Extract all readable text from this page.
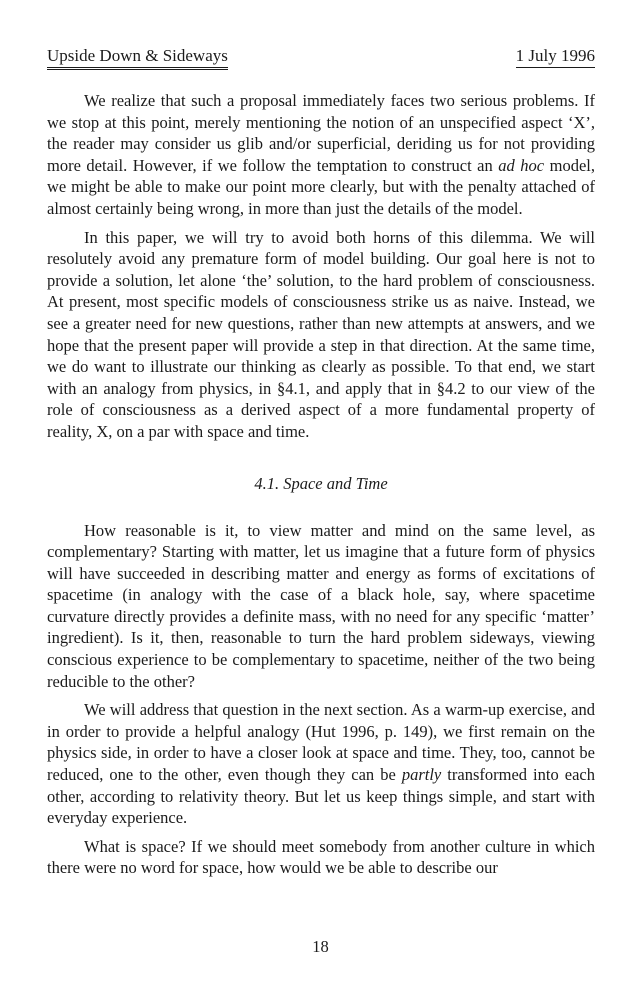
Upside Down & Sideways	1 July 1996

We realize that such a proposal immediately faces two serious problems. If we stop at this point, merely mentioning the notion of an unspecified aspect ‘X’, the reader may consider us glib and/or superficial, deriding us for not providing more detail. However, if we follow the temptation to construct an ad hoc model, we might be able to make our point more clearly, but with the penalty attached of almost certainly being wrong, in more than just the details of the model.

In this paper, we will try to avoid both horns of this dilemma. We will resolutely avoid any premature form of model building. Our goal here is not to provide a solution, let alone ‘the’ solution, to the hard problem of consciousness. At present, most specific models of consciousness strike us as naive. Instead, we see a greater need for new questions, rather than new attempts at answers, and we hope that the present paper will provide a step in that direction. At the same time, we do want to illustrate our thinking as clearly as possible. To that end, we start with an analogy from physics, in §4.1, and apply that in §4.2 to our view of the role of consciousness as a derived aspect of a more fundamental property of reality, X, on a par with space and time.

4.1. Space and Time

How reasonable is it, to view matter and mind on the same level, as complementary? Starting with matter, let us imagine that a future form of physics will have succeeded in describing matter and energy as forms of excitations of spacetime (in analogy with the case of a black hole, say, where spacetime curvature directly provides a definite mass, with no need for any specific ‘matter’ ingredient). Is it, then, reasonable to turn the hard problem sideways, viewing conscious experience to be complementary to spacetime, neither of the two being reducible to the other?

We will address that question in the next section. As a warm-up exercise, and in order to provide a helpful analogy (Hut 1996, p. 149), we first remain on the physics side, in order to have a closer look at space and time. They, too, cannot be reduced, one to the other, even though they can be partly transformed into each other, according to relativity theory. But let us keep things simple, and start with everyday experience.

What is space? If we should meet somebody from another culture in which there were no word for space, how would we be able to describe our

18
